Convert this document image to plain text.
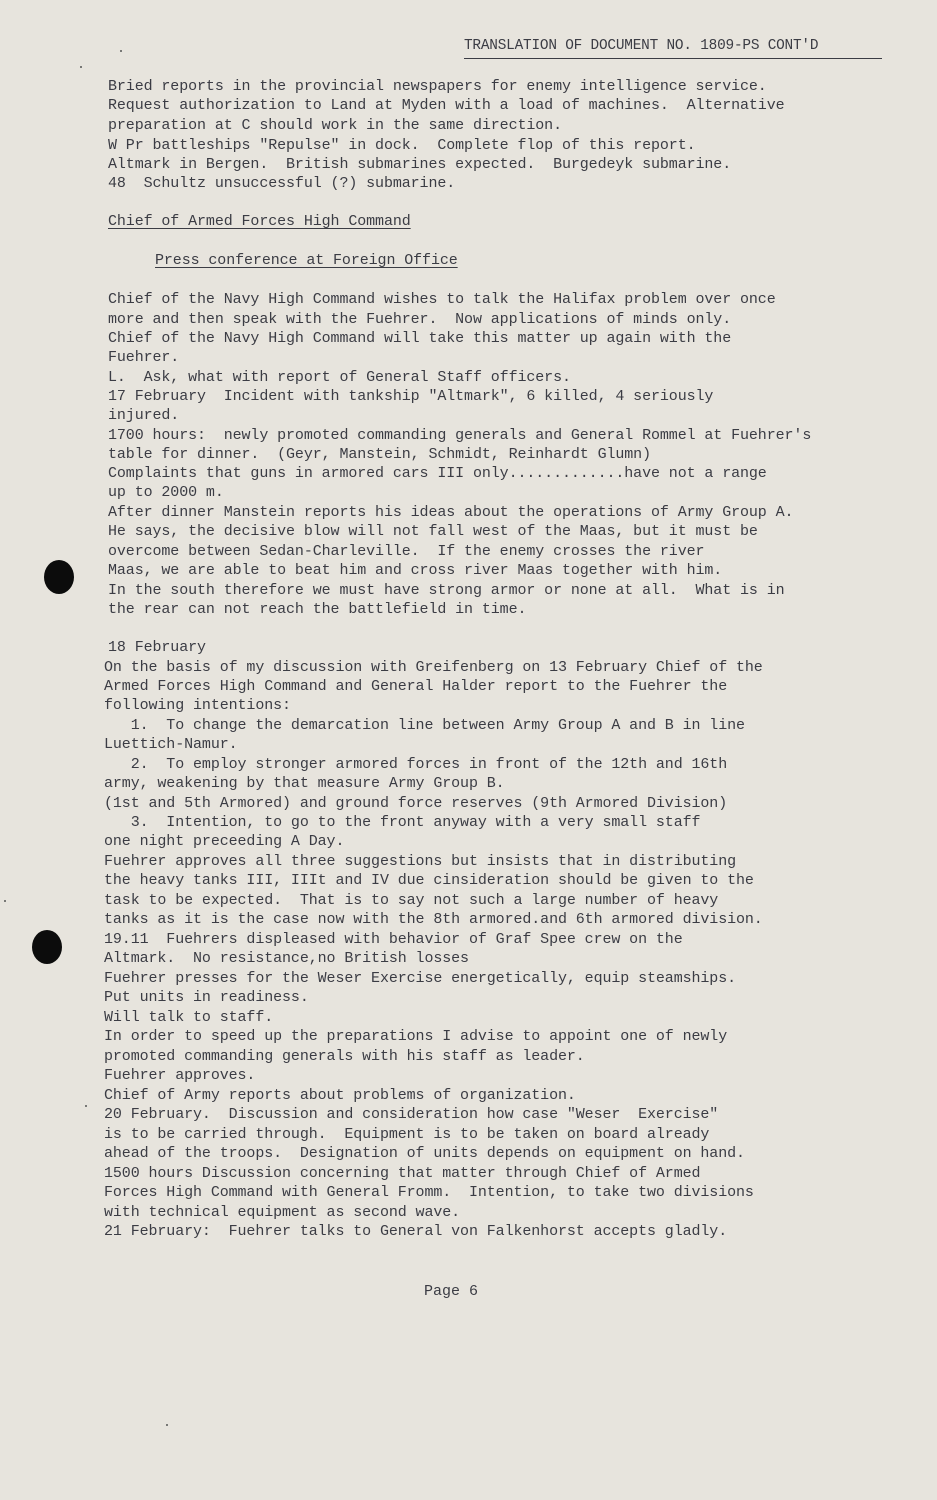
TRANSLATION OF DOCUMENT NO. 1809-PS CONT'D
Bried reports in the provincial newspapers for enemy intelligence service.
Request authorization to Land at Myden with a load of machines.  Alternative
preparation at C should work in the same direction.
W Pr battleships "Repulse" in dock.  Complete flop of this report.
Altmark in Bergen.  British submarines expected.  Burgedeyk submarine.
48  Schultz unsuccessful (?) submarine.
Chief of Armed Forces High Command
Press conference at Foreign Office
Chief of the Navy High Command wishes to talk the Halifax problem over once
more and then speak with the Fuehrer.  Now applications of minds only.
Chief of the Navy High Command will take this matter up again with the
Fuehrer.
L.  Ask, what with report of General Staff officers.
17 February  Incident with tankship "Altmark", 6 killed, 4 seriously
injured.
1700 hours:  newly promoted commanding generals and General Rommel at Fuehrer's
table for dinner.  (Geyr, Manstein, Schmidt, Reinhardt Glumn)
Complaints that guns in armored cars III only.............have not a range
up to 2000 m.
After dinner Manstein reports his ideas about the operations of Army Group A.
He says, the decisive blow will not fall west of the Maas, but it must be
overcome between Sedan-Charleville.  If the enemy crosses the river
Maas, we are able to beat him and cross river Maas together with him.
In the south therefore we must have strong armor or none at all.  What is in
the rear can not reach the battlefield in time.
18 February
On the basis of my discussion with Greifenberg on 13 February Chief of the
Armed Forces High Command and General Halder report to the Fuehrer the
following intentions:
1.  To change the demarcation line between Army Group A and B in line
Luettich-Namur.
2.  To employ stronger armored forces in front of the 12th and 16th
army, weakening by that measure Army Group B.
(1st and 5th Armored) and ground force reserves (9th Armored Division)
3.  Intention, to go to the front anyway with a very small staff
one night preceeding A Day.
Fuehrer approves all three suggestions but insists that in distributing
the heavy tanks III, IIIt and IV due cinsideration should be given to the
task to be expected.  That is to say not such a large number of heavy
tanks as it is the case now with the 8th armored.and 6th armored division.
19.11  Fuehrers displeased with behavior of Graf Spee crew on the
Altmark.  No resistance,no British losses
Fuehrer presses for the Weser Exercise energetically, equip steamships.
Put units in readiness.
Will talk to staff.
In order to speed up the preparations I advise to appoint one of newly
promoted commanding generals with his staff as leader.
Fuehrer approves.
Chief of Army reports about problems of organization.
20 February.  Discussion and consideration how case "Weser  Exercise"
is to be carried through.  Equipment is to be taken on board already
ahead of the troops.  Designation of units depends on equipment on hand.
1500 hours Discussion concerning that matter through Chief of Armed
Forces High Command with General Fromm.  Intention, to take two divisions
with technical equipment as second wave.
21 February:  Fuehrer talks to General von Falkenhorst accepts gladly.
Page 6
